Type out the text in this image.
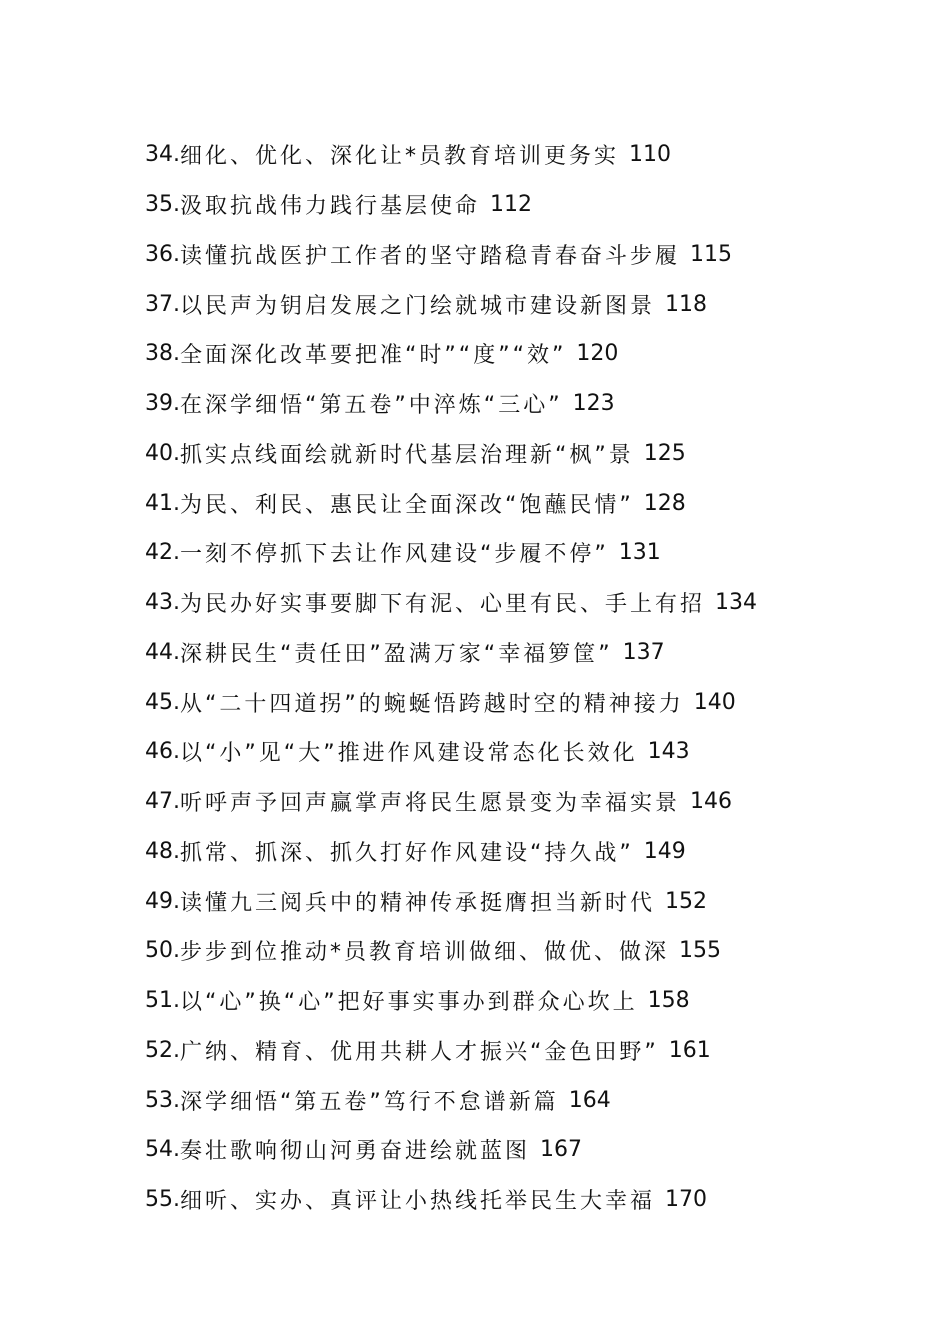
34. 细化、优化、深化让*员教育培训更务实 110
35. 汲取抗战伟力践行基层使命 112
36. 读懂抗战医护工作者的坚守踏稳青春奋斗步履 115
37. 以民声为钥启发展之门绘就城市建设新图景 118
38. 全面深化改革要把准“时”“度”“效” 120
39. 在深学细悟“第五卷”中淬炼“三心” 123
40. 抓实点线面绘就新时代基层治理新“枫”景 125
41. 为民、利民、惠民让全面深改“饱蘸民情” 128
42. 一刻不停抓下去让作风建设“步履不停” 131
43. 为民办好实事要脚下有泥、心里有民、手上有招 134
44. 深耕民生“责任田”盈满万家“幸福箩筐” 137
45. 从“二十四道拐”的蜿蜒悟跨越时空的精神接力 140
46. 以“小”见“大”推进作风建设常态化长效化 143
47. 听呼声予回声赢掌声将民生愿景变为幸福实景 146
48. 抓常、抓深、抓久打好作风建设“持久战” 149
49. 读懂九三阅兵中的精神传承挺膺担当新时代 152
50. 步步到位推动*员教育培训做细、做优、做深 155
51. 以“心”换“心”把好事实事办到群众心坎上 158
52. 广纳、精育、优用共耕人才振兴“金色田野” 161
53. 深学细悟“第五卷”笃行不怠谱新篇 164
54. 奏壮歌响彻山河勇奋进绘就蓝图 167
55. 细听、实办、真评让小热线托举民生大幸福 170
